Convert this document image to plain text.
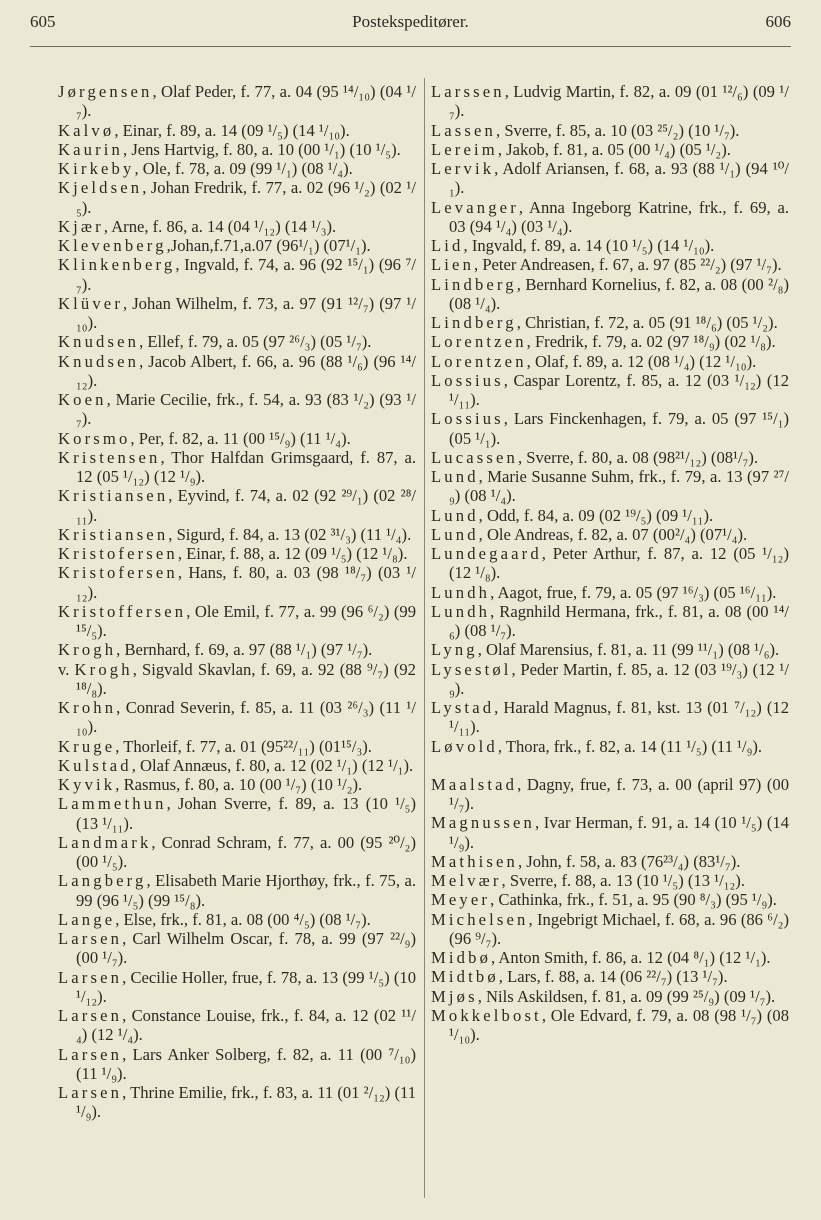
605	Postekspeditører.	606
Jørgensen, Olaf Peder, f. 77, a. 04 (95 ¹⁴/₁₀) (04 ¹/₇).
Kalvø, Einar, f. 89, a. 14 (09 ¹/₅) (14 ¹/₁₀).
Kaurin, Jens Hartvig, f. 80, a. 10 (00 ¹/₁) (10 ¹/₅).
Kirkeby, Ole, f. 78, a. 09 (99 ¹/₁) (08 ¹/₄).
Kjeldsen, Johan Fredrik, f. 77, a. 02 (96 ¹/₂) (02 ¹/₅).
Kjær, Arne, f. 86, a. 14 (04 ¹/₁₂) (14 ¹/₃).
Klevenberg,Johan,f.71,a.07 (96¹/₁) (07¹/₁).
Klinkenberg, Ingvald, f. 74, a. 96 (92 ¹⁵/₁) (96 ⁷/₇).
Klüver, Johan Wilhelm, f. 73, a. 97 (91 ¹²/₇) (97 ¹/₁₀).
Knudsen, Ellef, f. 79, a. 05 (97 ²⁶/₃) (05 ¹/₇).
Knudsen, Jacob Albert, f. 66, a. 96 (88 ¹/₆) (96 ¹⁴/₁₂).
Koen, Marie Cecilie, frk., f. 54, a. 93 (83 ¹/₂) (93 ¹/₇).
Korsmo, Per, f. 82, a. 11 (00 ¹⁵/₉) (11 ¹/₄).
Kristensen, Thor Halfdan Grimsgaard, f. 87, a. 12 (05 ¹/₁₂) (12 ¹/₉).
Kristiansen, Eyvind, f. 74, a. 02 (92 ²⁹/₁) (02 ²⁸/₁₁).
Kristiansen, Sigurd, f. 84, a. 13 (02 ³¹/₃) (11 ¹/₄).
Kristofersen, Einar, f. 88, a. 12 (09 ¹/₅) (12 ¹/₈).
Kristofersen, Hans, f. 80, a. 03 (98 ¹⁸/₇) (03 ¹/₁₂).
Kristoffersen, Ole Emil, f. 77, a. 99 (96 ⁶/₂) (99 ¹⁵/₅).
Krogh, Bernhard, f. 69, a. 97 (88 ¹/₁) (97 ¹/₇).
v. Krogh, Sigvald Skavlan, f. 69, a. 92 (88 ⁹/₇) (92 ¹⁸/₈).
Krohn, Conrad Severin, f. 85, a. 11 (03 ²⁶/₃) (11 ¹/₁₀).
Kruge, Thorleif, f. 77, a. 01 (95²²/₁₁) (01¹⁵/₃).
Kulstad, Olaf Annæus, f. 80, a. 12 (02 ¹/₁) (12 ¹/₁).
Kyvik, Rasmus, f. 80, a. 10 (00 ¹/₇) (10 ¹/₂).
Lammethun, Johan Sverre, f. 89, a. 13 (10 ¹/₅) (13 ¹/₁₁).
Landmark, Conrad Schram, f. 77, a. 00 (95 ²⁰/₂) (00 ¹/₅).
Langberg, Elisabeth Marie Hjorthøy, frk., f. 75, a. 99 (96 ¹/₅) (99 ¹⁵/₈).
Lange, Else, frk., f. 81, a. 08 (00 ⁴/₅) (08 ¹/₇).
Larsen, Carl Wilhelm Oscar, f. 78, a. 99 (97 ²²/₉) (00 ¹/₇).
Larsen, Cecilie Holler, frue, f. 78, a. 13 (99 ¹/₅) (10 ¹/₁₂).
Larsen, Constance Louise, frk., f. 84, a. 12 (02 ¹¹/₄) (12 ¹/₄).
Larsen, Lars Anker Solberg, f. 82, a. 11 (00 ⁷/₁₀) (11 ¹/₉).
Larsen, Thrine Emilie, frk., f. 83, a. 11 (01 ²/₁₂) (11 ¹/₉).
Larssen, Ludvig Martin, f. 82, a. 09 (01 ¹²/₆) (09 ¹/₇).
Lassen, Sverre, f. 85, a. 10 (03 ²⁵/₂) (10 ¹/₇).
Lereim, Jakob, f. 81, a. 05 (00 ¹/₄) (05 ¹/₂).
Lervik, Adolf Ariansen, f. 68, a. 93 (88 ¹/₁) (94 ¹⁰/₁).
Levanger, Anna Ingeborg Katrine, frk., f. 69, a. 03 (94 ¹/₄) (03 ¹/₄).
Lid, Ingvald, f. 89, a. 14 (10 ¹/₅) (14 ¹/₁₀).
Lien, Peter Andreasen, f. 67, a. 97 (85 ²²/₂) (97 ¹/₇).
Lindberg, Bernhard Kornelius, f. 82, a. 08 (00 ²/₈) (08 ¹/₄).
Lindberg, Christian, f. 72, a. 05 (91 ¹⁸/₆) (05 ¹/₂).
Lorentzen, Fredrik, f. 79, a. 02 (97 ¹⁸/₉) (02 ¹/₈).
Lorentzen, Olaf, f. 89, a. 12 (08 ¹/₄) (12 ¹/₁₀).
Lossius, Caspar Lorentz, f. 85, a. 12 (03 ¹/₁₂) (12 ¹/₁₁).
Lossius, Lars Finckenhagen, f. 79, a. 05 (97 ¹⁵/₁) (05 ¹/₁).
Lucassen, Sverre, f. 80, a. 08 (98²¹/₁₂) (08¹/₇).
Lund, Marie Susanne Suhm, frk., f. 79, a. 13 (97 ²⁷/₉) (08 ¹/₄).
Lund, Odd, f. 84, a. 09 (02 ¹⁹/₅) (09 ¹/₁₁).
Lund, Ole Andreas, f. 82, a. 07 (00²/₄) (07¹/₄).
Lundegaard, Peter Arthur, f. 87, a. 12 (05 ¹/₁₂) (12 ¹/₈).
Lundh, Aagot, frue, f. 79, a. 05 (97 ¹⁶/₃) (05 ¹⁶/₁₁).
Lundh, Ragnhild Hermana, frk., f. 81, a. 08 (00 ¹⁴/₆) (08 ¹/₇).
Lyng, Olaf Marensius, f. 81, a. 11 (99 ¹¹/₁) (08 ¹/₆).
Lysestøl, Peder Martin, f. 85, a. 12 (03 ¹⁹/₃) (12 ¹/₉).
Lystad, Harald Magnus, f. 81, kst. 13 (01 ⁷/₁₂) (12 ¹/₁₁).
Løvold, Thora, frk., f. 82, a. 14 (11 ¹/₅) (11 ¹/₉).
Maalstad, Dagny, frue, f. 73, a. 00 (april 97) (00 ¹/₇).
Magnussen, Ivar Herman, f. 91, a. 14 (10 ¹/₅) (14 ¹/₉).
Mathisen, John, f. 58, a. 83 (76²³/₄) (83¹/₇).
Melvær, Sverre, f. 88, a. 13 (10 ¹/₅) (13 ¹/₁₂).
Meyer, Cathinka, frk., f. 51, a. 95 (90 ⁸/₃) (95 ¹/₉).
Michelsen, Ingebrigt Michael, f. 68, a. 96 (86 ⁶/₂) (96 ⁹/₇).
Midbø, Anton Smith, f. 86, a. 12 (04 ⁸/₁) (12 ¹/₁).
Midtbø, Lars, f. 88, a. 14 (06 ²²/₇) (13 ¹/₇).
Mjøs, Nils Askildsen, f. 81, a. 09 (99 ²⁵/₉) (09 ¹/₇).
Mokkelbost, Ole Edvard, f. 79, a. 08 (98 ¹/₇) (08 ¹/₁₀).
